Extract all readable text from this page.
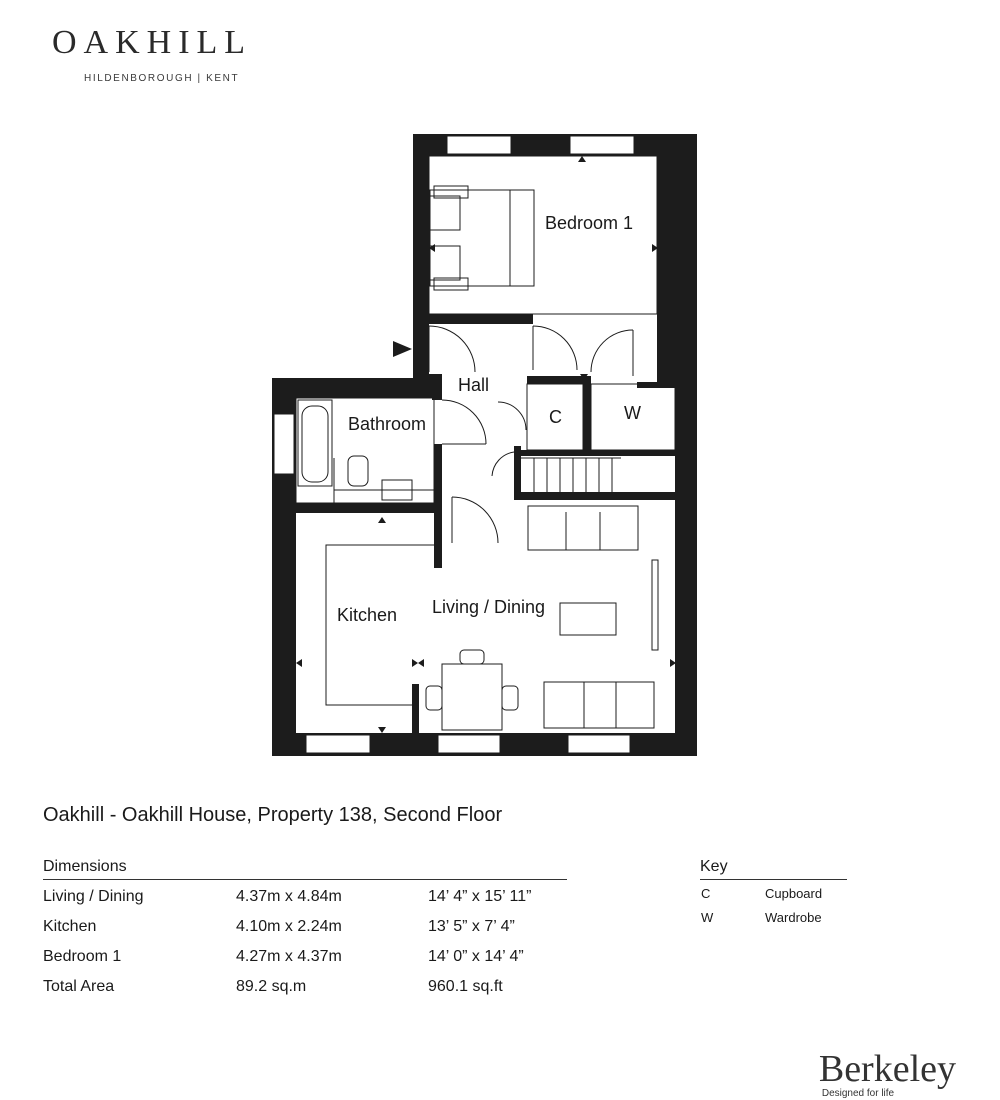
OAKHILL
HILDENBOROUGH | KENT
Bedroom 1
Hall
Bathroom	C	W
Kitchen Living / Dining
Oakhill - Oakhill House, Property 138, Second Floor
Dimensions
Living / Dining	4.37m x 4.84m	14’ 4” x 15’ 11”
Kitchen	4.10m x 2.24m	13’ 5” x 7’ 4”
Bedroom 1	4.27m x 4.37m	14’ 0” x 14’ 4”
Total Area	89.2 sq.m	960.1 sq.ft
Key
C	Cupboard
W	Wardrobe
Berkeley
Designed for life
